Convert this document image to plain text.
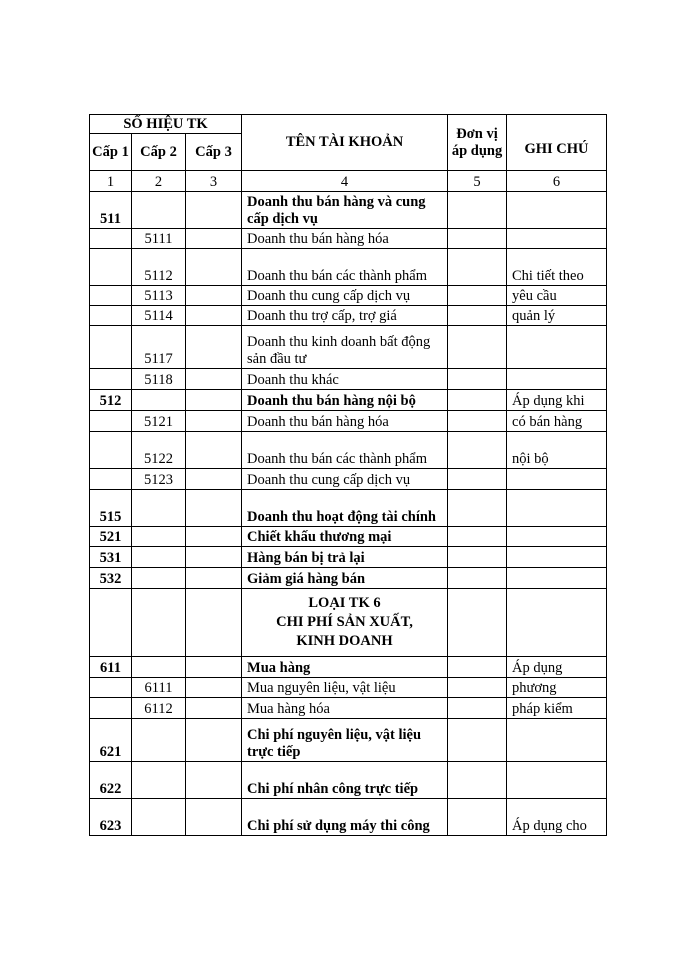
SỐ HIỆU TK			TÊN TÀI KHOẢN	Đơn vị áp dụng	GHI CHÚ
Cấp 1	Cấp 2	Cấp 3			
1	2	3	4	5	6
511			Doanh thu bán hàng và cung cấp dịch vụ		
	5111		Doanh thu bán hàng hóa		
	5112		Doanh thu bán các thành phẩm		Chi tiết theo
	5113		Doanh thu cung cấp dịch vụ		yêu cầu
	5114		Doanh thu trợ cấp, trợ giá		quản lý
	5117		Doanh thu kinh doanh bất động sản đầu tư		
	5118		Doanh thu khác		
512			Doanh thu bán hàng nội bộ		Áp dụng khi
	5121		Doanh thu bán hàng hóa		có bán hàng
	5122		Doanh thu bán các thành phẩm		nội bộ
	5123		Doanh thu cung cấp dịch vụ		
515			Doanh thu hoạt động tài chính		
521			Chiết khấu thương mại		
531			Hàng bán bị trả lại		
532			Giảm giá hàng bán		

			LOẠI TK 6
CHI PHÍ SẢN XUẤT,
KINH DOANH		

611			Mua hàng		Áp dụng
	6111		Mua nguyên liệu, vật liệu		phương
	6112		Mua hàng hóa		pháp kiểm
621			Chi phí nguyên liệu, vật liệu trực tiếp		
622			Chi phí nhân công trực tiếp		
623			Chi phí sử dụng máy thi công		Áp dụng cho
